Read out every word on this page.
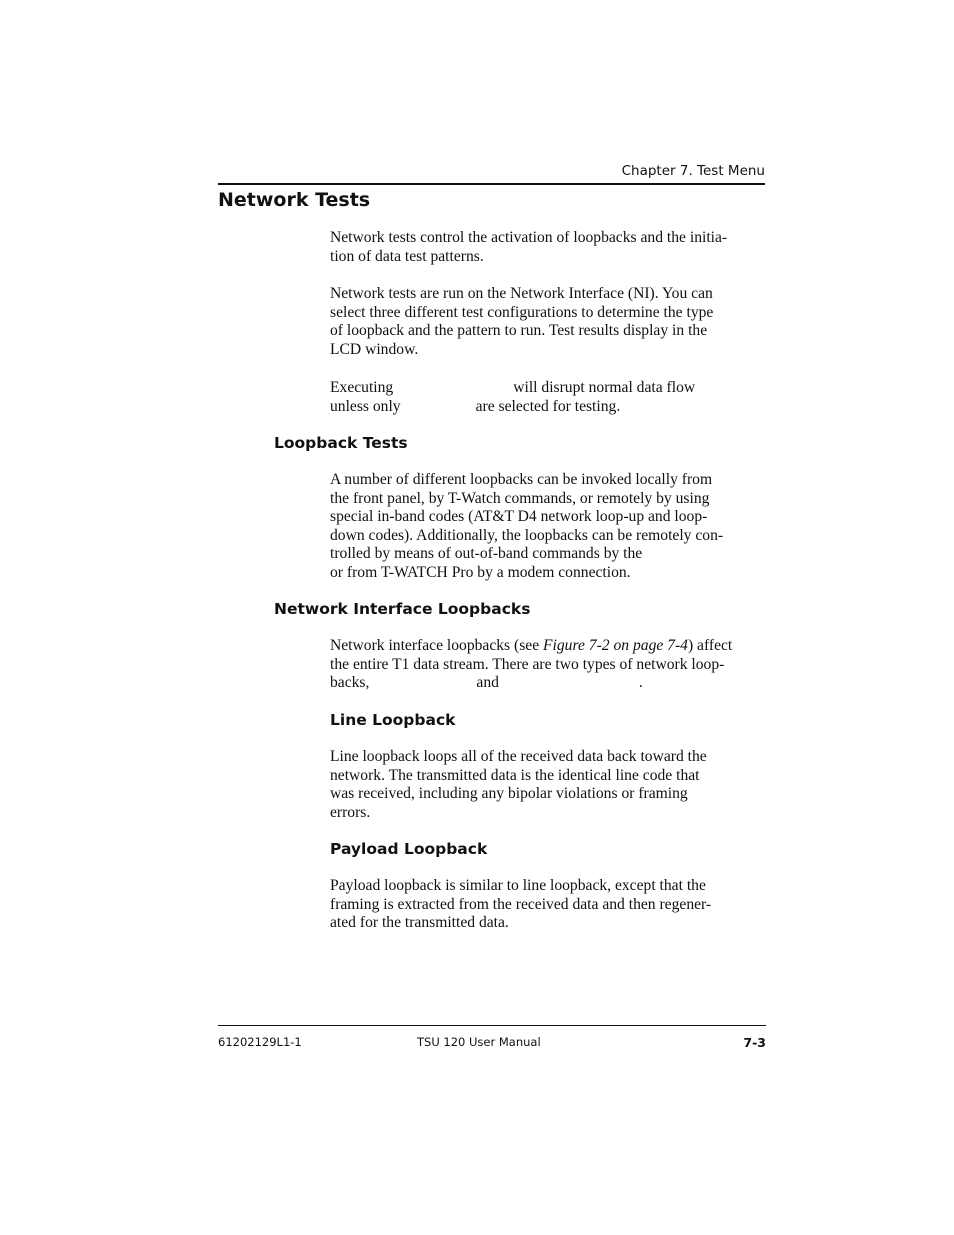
Chapter 7. Test Menu
Network Tests
Network tests control the activation of loopbacks and the initia-
tion of data test patterns.
Network tests are run on the Network Interface (NI). You can
select three different test configurations to determine the type
of loopback and the pattern to run. Test results display in the
LCD window.
Executing	will disrupt normal data flow
unless only	are selected for testing.
Loopback Tests
A number of different loopbacks can be invoked locally from
the front panel, by T-Watch commands, or remotely by using
special in-band codes (AT&T D4 network loop-up and loop-
down codes). Additionally, the loopbacks can be remotely con-
trolled by means of out-of-band commands by the
or from T-WATCH Pro by a modem connection.
Network Interface Loopbacks
Network interface loopbacks (see Figure 7-2 on page 7-4) affect
the entire T1 data stream. There are two types of network loop-
backs,	and	.
Line Loopback
Line loopback loops all of the received data back toward the
network. The transmitted data is the identical line code that
was received, including any bipolar violations or framing
errors.
Payload Loopback
Payload loopback is similar to line loopback, except that the
framing is extracted from the received data and then regener-
ated for the transmitted data.
61202129L1-1	TSU 120 User Manual	7-3
